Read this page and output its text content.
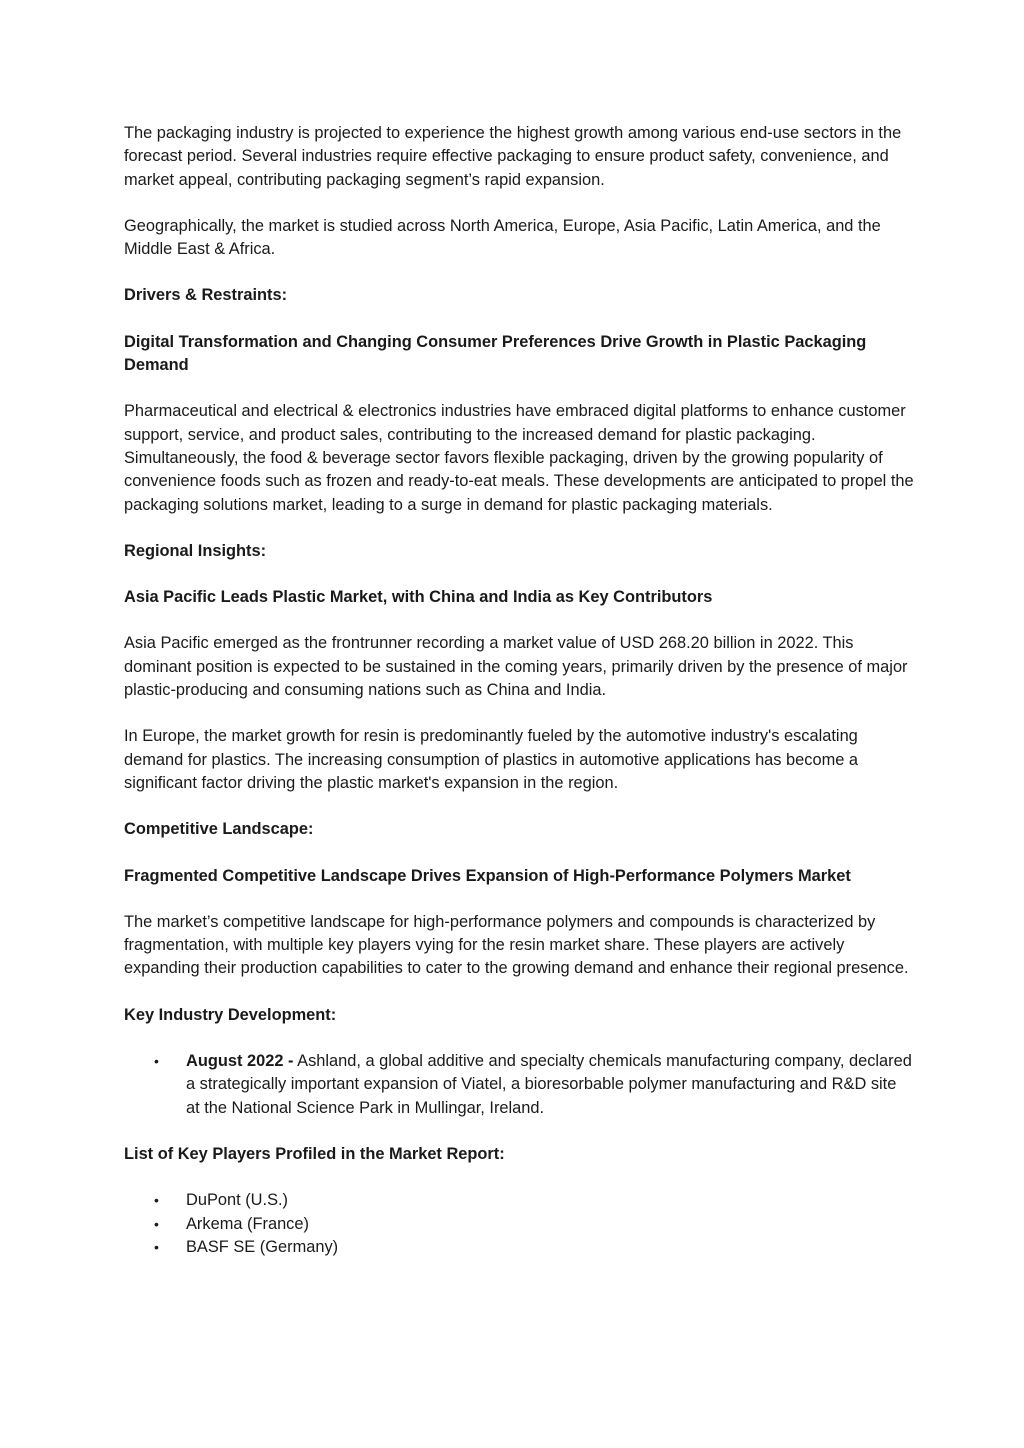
The packaging industry is projected to experience the highest growth among various end-use sectors in the forecast period. Several industries require effective packaging to ensure product safety, convenience, and market appeal, contributing packaging segment’s rapid expansion.

Geographically, the market is studied across North America, Europe, Asia Pacific, Latin America, and the Middle East & Africa.

Drivers & Restraints:

Digital Transformation and Changing Consumer Preferences Drive Growth in Plastic Packaging Demand

Pharmaceutical and electrical & electronics industries have embraced digital platforms to enhance customer support, service, and product sales, contributing to the increased demand for plastic packaging. Simultaneously, the food & beverage sector favors flexible packaging, driven by the growing popularity of convenience foods such as frozen and ready-to-eat meals. These developments are anticipated to propel the packaging solutions market, leading to a surge in demand for plastic packaging materials.

Regional Insights:

Asia Pacific Leads Plastic Market, with China and India as Key Contributors

Asia Pacific emerged as the frontrunner recording a market value of USD 268.20 billion in 2022. This dominant position is expected to be sustained in the coming years, primarily driven by the presence of major plastic-producing and consuming nations such as China and India.

In Europe, the market growth for resin is predominantly fueled by the automotive industry's escalating demand for plastics. The increasing consumption of plastics in automotive applications has become a significant factor driving the plastic market's expansion in the region.

Competitive Landscape:

Fragmented Competitive Landscape Drives Expansion of High-Performance Polymers Market

The market’s competitive landscape for high-performance polymers and compounds is characterized by fragmentation, with multiple key players vying for the resin market share. These players are actively expanding their production capabilities to cater to the growing demand and enhance their regional presence.

Key Industry Development:

• August 2022 - Ashland, a global additive and specialty chemicals manufacturing company, declared a strategically important expansion of Viatel, a bioresorbable polymer manufacturing and R&D site at the National Science Park in Mullingar, Ireland.

List of Key Players Profiled in the Market Report:

• DuPont (U.S.)
• Arkema (France)
• BASF SE (Germany)
